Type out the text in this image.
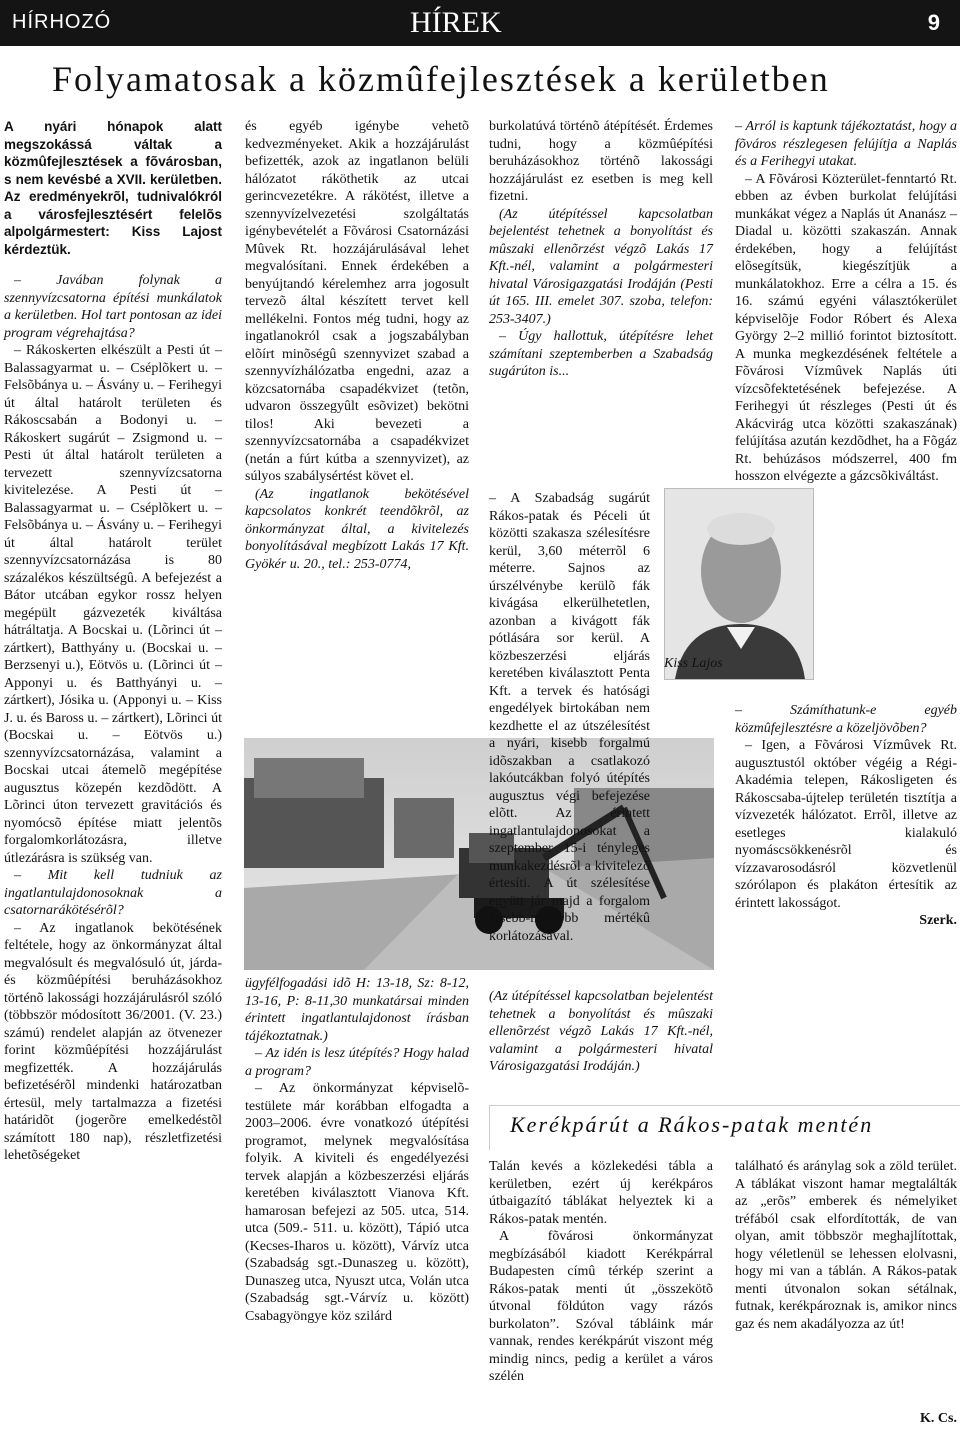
HÍRHOZÓ	HÍREK	9
Folyamatosak a közmûfejlesztések a kerületben

A nyári hónapok alatt megszokássá váltak a közmûfejlesztések a fõvárosban, s nem kevésbé a XVII. kerületben. Az eredményekrõl, tudnivalókról a városfejlesztésért felelõs alpolgármestert: Kiss Lajost kérdeztük.

– Javában folynak a szennyvízcsatorna építési munkálatok a kerületben. Hol tart pontosan az idei program végrehajtása?

– Rákoskerten elkészült a Pesti út – Balassagyarmat u. – Cséplõkert u. – Felsõbánya u. – Ásvány u. – Ferihegyi út által határolt területen és Rákoscsabán a Bodonyi u. – Rákoskert sugárút – Zsigmond u. – Pesti út által határolt területen a tervezett szennyvízcsatorna kivitelezése. A Pesti út – Balassagyarmat u. – Cséplõkert u. – Felsõbánya u. – Ásvány u. – Ferihegyi út által határolt terület szennyvízcsatornázása is 80 százalékos készültségû. A befejezést a Bátor utcában egykor rossz helyen megépült gázvezeték kiváltása hátráltatja. A Bocskai u. (Lõrinci út – zártkert), Batthyány u. (Bocskai u. – Berzsenyi u.), Eötvös u. (Lõrinci út – Apponyi u. és Batthyányi u. – zártkert), Jósika u. (Apponyi u. – Kiss J. u. és Baross u. – zártkert), Lõrinci út (Bocskai u. – Eötvös u.) szennyvízcsatornázása, valamint a Bocskai utcai átemelõ megépítése augusztus közepén kezdõdött. A Lõrinci úton tervezett gravitációs és nyomócsõ építése miatt jelentõs forgalomkorlátozásra, illetve útlezárásra is szükség van.

– Mit kell tudniuk az ingatlantulajdonosoknak a csatornarákötésérõl?

– Az ingatlanok bekötésének feltétele, hogy az önkormányzat által megvalósult és megvalósuló út, járda- és közmûépítési beruházásokhoz történõ lakossági hozzájárulásról szóló (többször módosított 36/2001. (V. 23.) számú) rendelet alapján az ötvenezer forint közmûépítési hozzájárulást megfizették. A hozzájárulás befizetésérõl mindenki határozatban értesül, mely tartalmazza a fizetési határidõt (jogerõre emelkedéstõl számított 180 nap), részletfizetési lehetõségeket

és egyéb igénybe vehetõ kedvezményeket. Akik a hozzájárulást befizették, azok az ingatlanon belüli hálózatot ráköthetik az utcai gerincvezetékre. A rákötést, illetve a szennyvízelvezetési szolgáltatás igénybevételét a Fõvárosi Csatornázási Mûvek Rt. hozzájárulásával lehet megvalósítani. Ennek érdekében a benyújtandó kérelemhez arra jogosult tervezõ által készített tervet kell mellékelni. Fontos még tudni, hogy az ingatlanokról csak a jogszabályban elõírt minõségû szennyvizet szabad a szennyvízhálózatba engedni, azaz a közcsatornába csapadékvizet (tetõn, udvaron összegyûlt esõvizet) bekötni tilos! Aki bevezeti a szennyvízcsatornába a csapadékvizet (netán a fúrt kútba a szennyvizet), az súlyos szabálysértést követ el.

(Az ingatlanok bekötésével kapcsolatos konkrét teendõkrõl, az önkormányzat által, a kivitelezés bonyolításával megbízott Lakás 17 Kft. Gyökér u. 20., tel.: 253-0774,

ügyfélfogadási idõ H: 13-18, Sz: 8-12, 13-16, P: 8-11,30 munkatársai minden érintett ingatlantulajdonost írásban tájékoztatnak.)

– Az idén is lesz útépítés? Hogy halad a program?

– Az önkormányzat képviselõ-testülete már korábban elfogadta a 2003–2006. évre vonatkozó útépítési programot, melynek megvalósítása folyik. A kiviteli és engedélyezési tervek alapján a közbeszerzési eljárás keretében kiválasztott Vianova Kft. hamarosan befejezi az 505. utca, 514. utca (509.- 511. u. között), Tápió utca (Kecses-Iharos u. között), Várvíz utca (Szabadság sgt.-Dunaszeg u. között), Dunaszeg utca, Nyuszt utca, Volán utca (Szabadság sgt.-Várvíz u. között) Csabagyöngye köz szilárd

burkolatúvá történõ átépítését. Érdemes tudni, hogy a közmûépítési beruházásokhoz történõ lakossági hozzájárulást ez esetben is meg kell fizetni.

(Az útépítéssel kapcsolatban bejelentést tehetnek a bonyolítást és mûszaki ellenõrzést végzõ Lakás 17 Kft.-nél, valamint a polgármesteri hivatal Városigazgatási Irodáján (Pesti út 165. III. emelet 307. szoba, telefon: 253-3407.)

– Úgy hallottuk, útépítésre lehet számítani szeptemberben a Szabadság sugárúton is...

– A Szabadság sugárút Rákos-patak és Péceli út közötti szakasza szélesítésre kerül, 3,60 méterrõl 6 méterre. Sajnos az úrszélvénybe kerülõ fák kivágása elkerülhetetlen, azonban a kivágott fák pótlására sor kerül. A közbeszerzési eljárás keretében kiválasztott Penta Kft. a tervek és hatósági engedélyek birtokában nem kezdhette el az útszélesítést a nyári, kisebb forgalmú idõszakban a csatlakozó lakóutcákban folyó útépítés augusztus végi befejezése elõtt. Az érintett ingatlantulajdonosokat a szeptember 15-i tényleges munkakezdésrõl a kivitelezõ értesíti. A út szélesítése együtt jár majd a forgalom kisebb-nagyobb mértékû korlátozásával.

Kiss Lajos

(Az útépítéssel kapcsolatban bejelentést tehetnek a bonyolítást és mûszaki ellenõrzést végzõ Lakás 17 Kft.-nél, valamint a polgármesteri hivatal Városigazgatási Irodáján.)

– Arról is kaptunk tájékoztatást, hogy a fõváros részlegesen felújítja a Naplás és a Ferihegyi utakat.

– A Fõvárosi Közterület-fenntartó Rt. ebben az évben burkolat felújítási munkákat végez a Naplás út Ananász – Diadal u. közötti szakaszán. Annak érdekében, hogy a felújítást elõsegítsük, kiegészítjük a munkálatokhoz. Erre a célra a 15. és 16. számú egyéni választókerület képviselõje Fodor Róbert és Alexa György 2–2 millió forintot biztosított. A munka megkezdésének feltétele a Fõvárosi Vízmûvek Naplás úti vízcsõfektetésének befejezése. A Ferihegyi út részleges (Pesti út és Akácvirág utca közötti szakaszának) felújítása azután kezdõdhet, ha a Fõgáz Rt. behúzásos módszerrel, 400 fm hosszon elvégezte a gázcsõkiváltást.

– Számíthatunk-e egyéb közmûfejlesztésre a közeljövõben?

– Igen, a Fõvárosi Vízmûvek Rt. augusztustól október végéig a Régi-Akadémia telepen, Rákosligeten és Rákoscsaba-újtelep területén tisztítja a vízvezeték hálózatot. Errõl, illetve az esetleges kialakuló nyomáscsökkenésrõl és vízzavarosodásról közvetlenül szórólapon és plakáton értesítik az érintett lakosságot.

Szerk.

Kerékpárút a Rákos-patak mentén

Talán kevés a közlekedési tábla a kerületben, ezért új kerékpáros útbaigazító táblákat helyeztek ki a Rákos-patak mentén.

A fõvárosi önkormányzat megbízásából kiadott Kerékpárral Budapesten címû térkép szerint a Rákos-patak menti út „összekötõ útvonal földúton vagy rázós burkolaton”. Szóval tábláink már vannak, rendes kerékpárút viszont még mindig nincs, pedig a kerület a város szélén

található és aránylag sok a zöld terület. A táblákat viszont hamar megtalálták az „erõs” emberek és némelyiket tréfából csak elfordították, de van olyan, amit többször meghajlítottak, hogy véletlenül se lehessen elolvasni, hogy mi van a táblán. A Rákos-patak menti útvonalon sokan sétálnak, futnak, kerékpároznak is, amikor nincs gaz és nem akadályozza az út!

K. Cs.
